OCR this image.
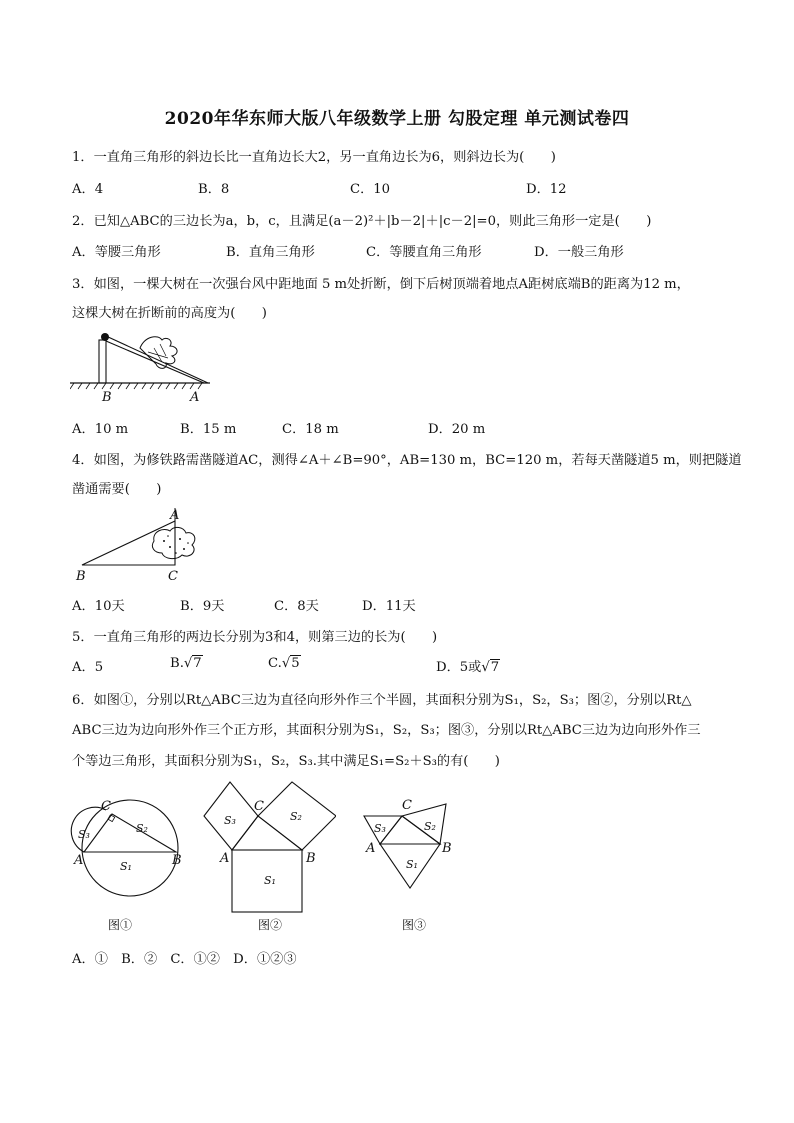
2020年华东师大版八年级数学上册 勾股定理 单元测试卷四
1．一直角三角形的斜边长比一直角边长大2，另一直角边长为6，则斜边长为(　　)
A．4	B．8	C．10	D．12
2．已知△ABC的三边长为a，b，c，且满足(a－2)²＋|b－2|＋|c－2|=0，则此三角形一定是(　　)
A．等腰三角形	B．直角三角形	C．等腰直角三角形	D．一般三角形
3．如图，一棵大树在一次强台风中距地面 5 m处折断，倒下后树顶端着地点A距树底端B的距离为12 m，
这棵大树在折断前的高度为(　　)
B	A
A．10 m	B．15 m	C．18 m	D．20 m
4．如图，为修铁路需凿隧道AC，测得∠A＋∠B=90°，AB=130 m，BC=120 m，若每天凿隧道5 m，则把隧道
凿通需要(　　)
A
B	C
A．10天	B．9天	C．8天	D．11天
5．一直角三角形的两边长分别为3和4，则第三边的长为(　　)
A．5	B.√7	C.√5	D．5或√7
6．如图①，分别以Rt△ABC三边为直径向形外作三个半圆，其面积分别为S₁，S₂，S₃；图②，分别以Rt△
ABC三边为边向形外作三个正方形，其面积分别为S₁，S₂，S₃；图③，分别以Rt△ABC三边为边向形外作三
个等边三角形，其面积分别为S₁，S₂，S₃.其中满足S₁=S₂＋S₃的有(　　)
C
A	B
S₃	S₂
S₁
图①
C
A	B
S₃	S₂
S₁
图②
C
A	B
S₃	S₂
S₁
图③
A．①　B．②　C．①②　D．①②③
